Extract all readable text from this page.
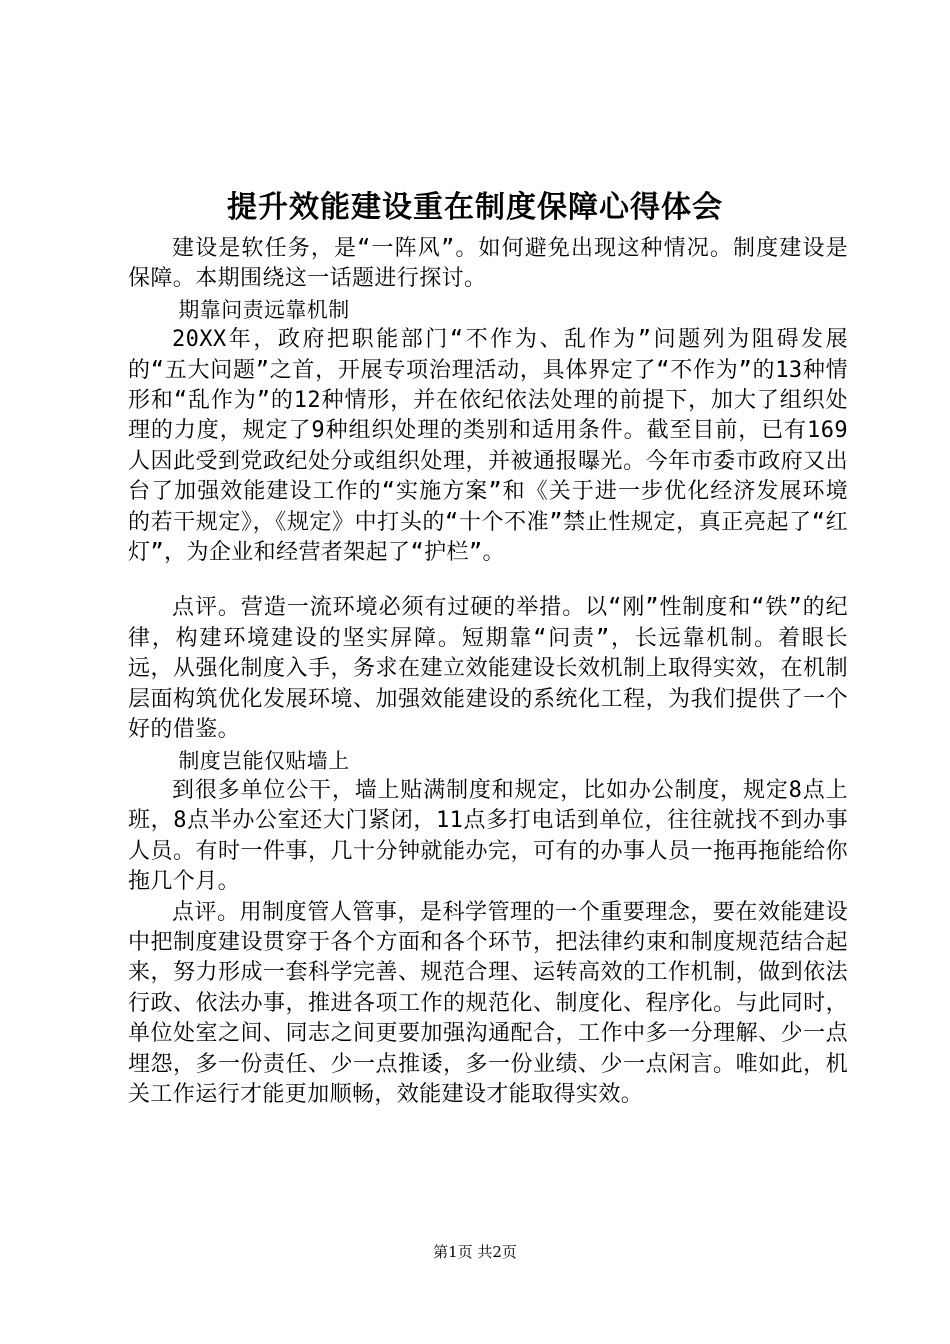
提升效能建设重在制度保障心得体会

建设是软任务，是“一阵风”。如何避免出现这种情况。制度建设是保障。本期围绕这一话题进行探讨。

期靠问责远靠机制

20XX年，政府把职能部门“不作为、乱作为”问题列为阻碍发展的“五大问题”之首，开展专项治理活动，具体界定了“不作为”的13种情形和“乱作为”的12种情形，并在依纪依法处理的前提下，加大了组织处理的力度，规定了9种组织处理的类别和适用条件。截至目前，已有169人因此受到党政纪处分或组织处理，并被通报曝光。今年市委市政府又出台了加强效能建设工作的“实施方案”和《关于进一步优化经济发展环境的若干规定》，《规定》中打头的“十个不准”禁止性规定，真正亮起了“红灯”，为企业和经营者架起了“护栏”。

点评。营造一流环境必须有过硬的举措。以“刚”性制度和“铁”的纪律，构建环境建设的坚实屏障。短期靠“问责”，长远靠机制。着眼长远，从强化制度入手，务求在建立效能建设长效机制上取得实效，在机制层面构筑优化发展环境、加强效能建设的系统化工程，为我们提供了一个好的借鉴。

制度岂能仅贴墙上

到很多单位公干，墙上贴满制度和规定，比如办公制度，规定8点上班，8点半办公室还大门紧闭，11点多打电话到单位，往往就找不到办事人员。有时一件事，几十分钟就能办完，可有的办事人员一拖再拖能给你拖几个月。

点评。用制度管人管事，是科学管理的一个重要理念，要在效能建设中把制度建设贯穿于各个方面和各个环节，把法律约束和制度规范结合起来，努力形成一套科学完善、规范合理、运转高效的工作机制，做到依法行政、依法办事，推进各项工作的规范化、制度化、程序化。与此同时，单位处室之间、同志之间更要加强沟通配合，工作中多一分理解、少一点埋怨，多一份责任、少一点推诿，多一份业绩、少一点闲言。唯如此，机关工作运行才能更加顺畅，效能建设才能取得实效。

第1页 共2页
